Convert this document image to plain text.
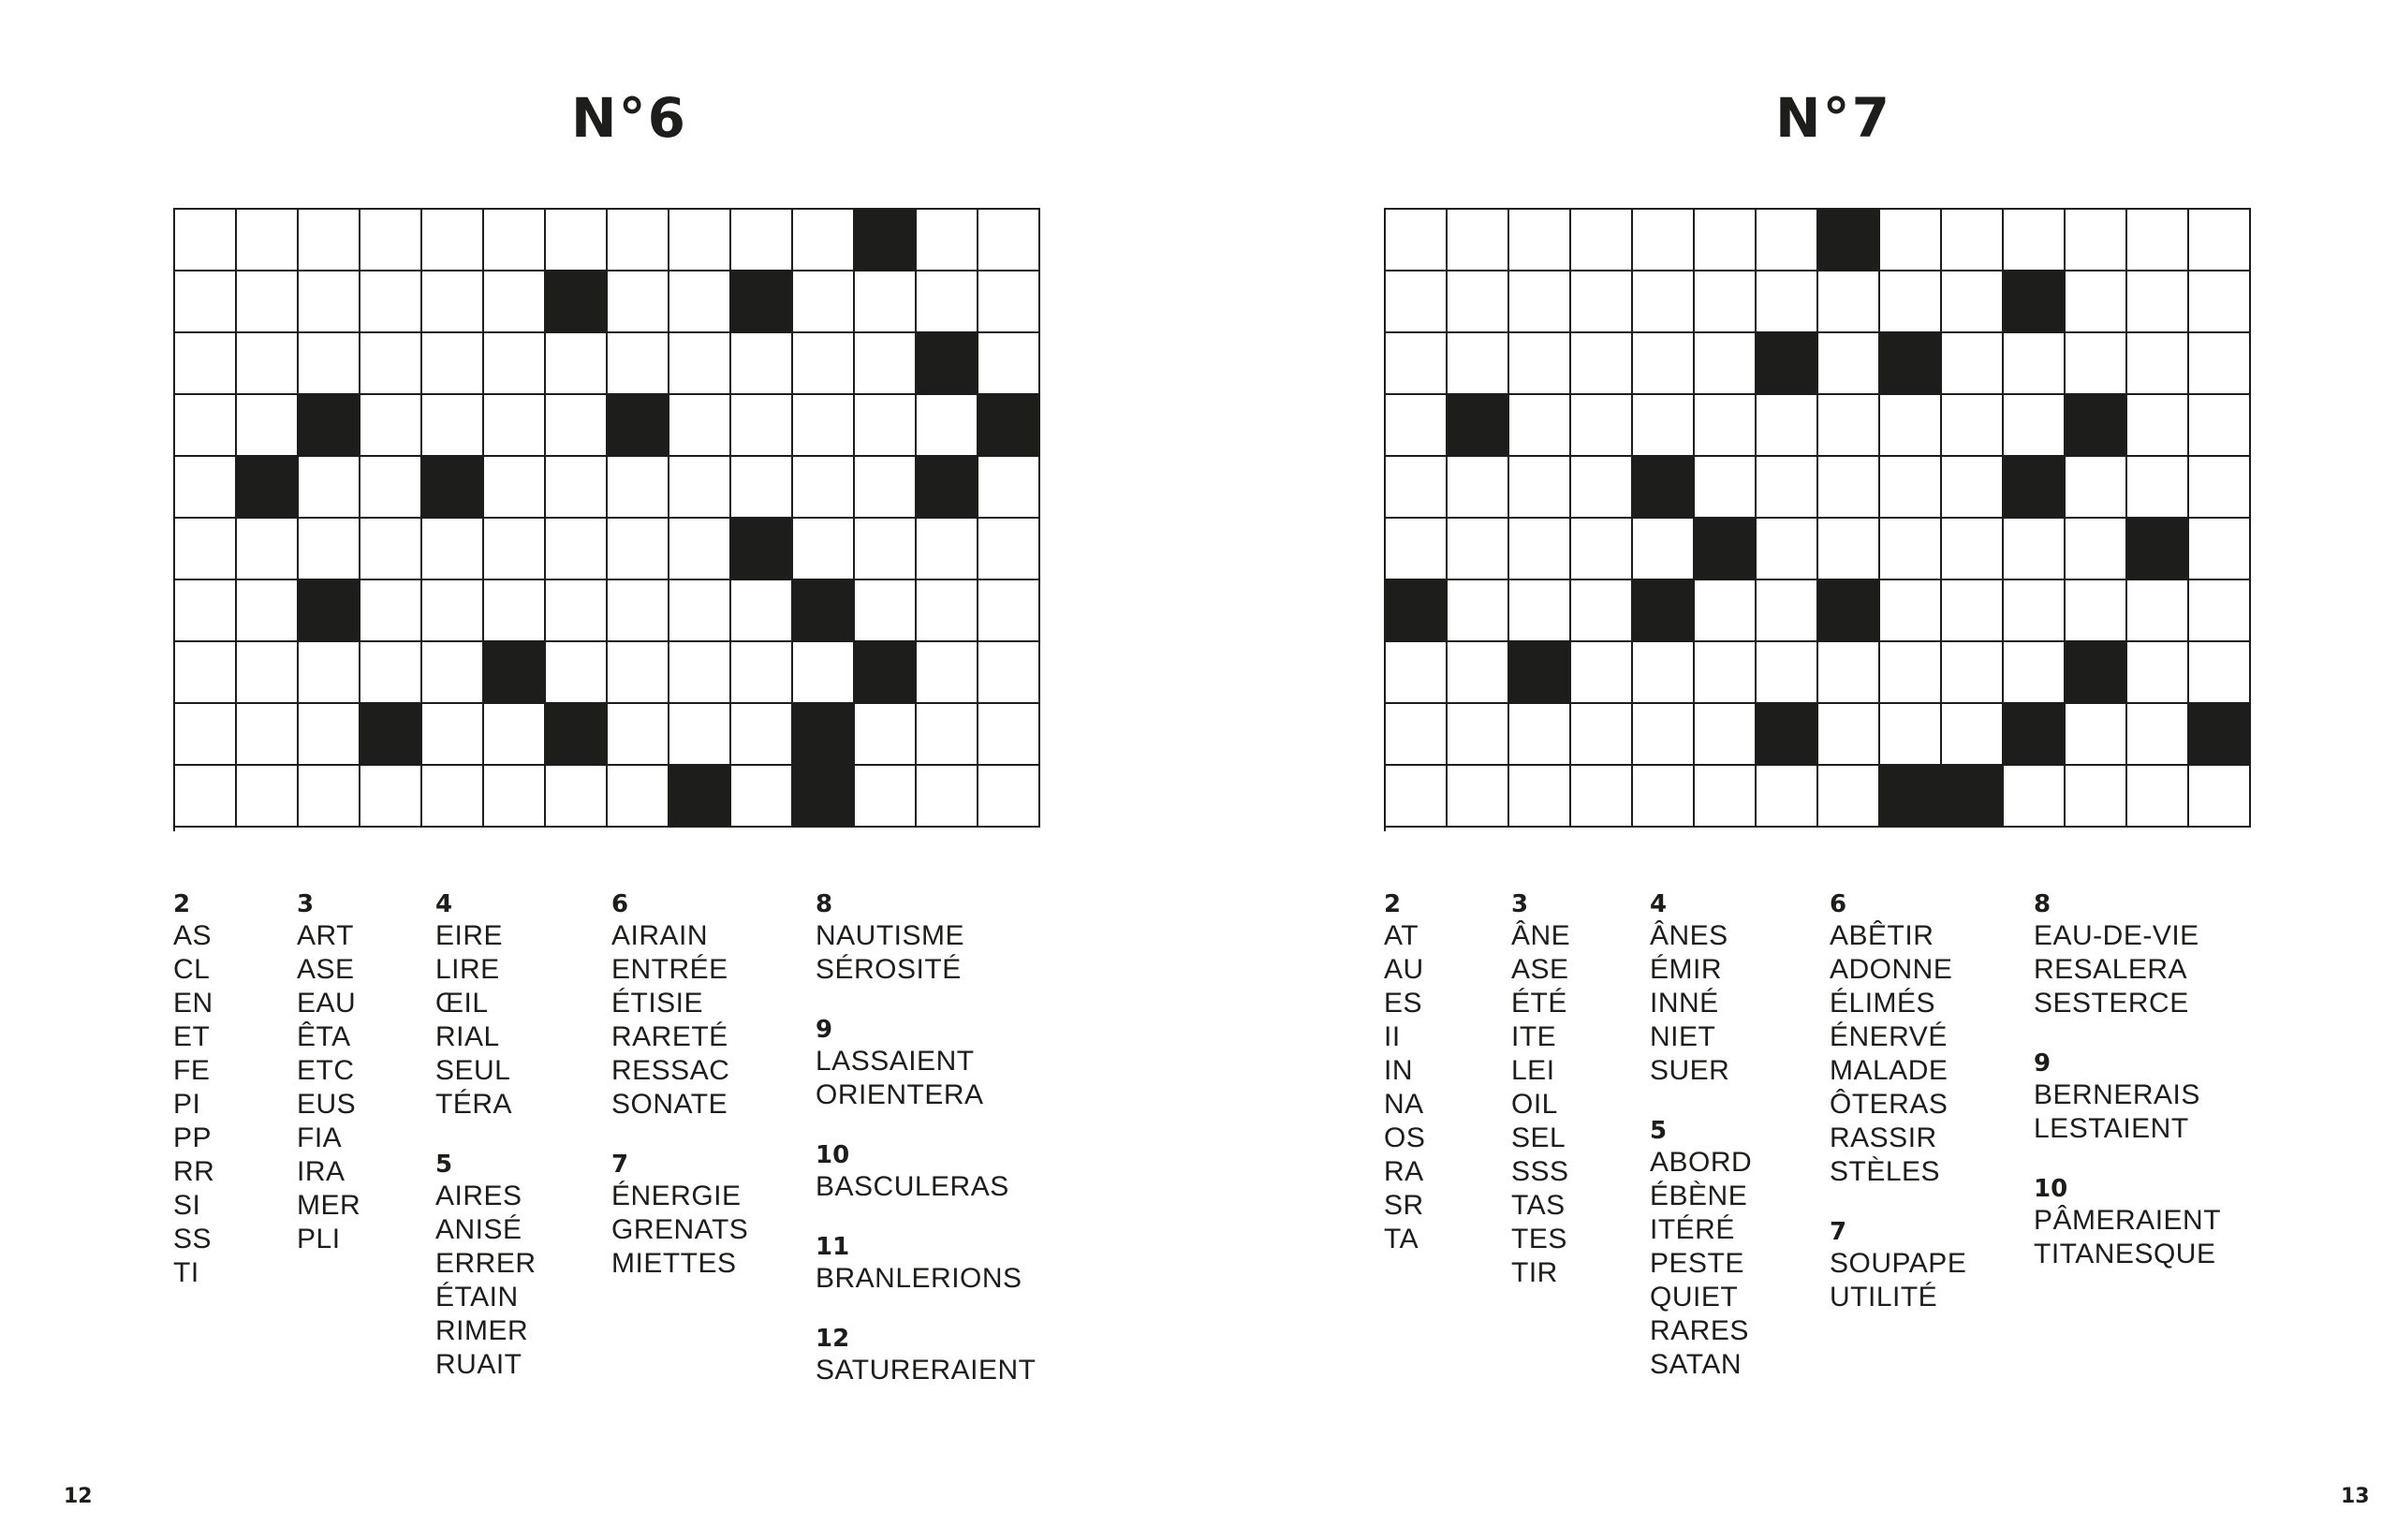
N°6
2
AS
CL
EN
ET
FE
PI
PP
RR
SI
SS
TI
3
ART
ASE
EAU
ÊTA
ETC
EUS
FIA
IRA
MER
PLI
4
EIRE
LIRE
ŒIL
RIAL
SEUL
TÉRA
5
AIRES
ANISÉ
ERRER
ÉTAIN
RIMER
RUAIT
6
AIRAIN
ENTRÉE
ÉTISIE
RARETÉ
RESSAC
SONATE
7
ÉNERGIE
GRENATS
MIETTES
8
NAUTISME
SÉROSITÉ
9
LASSAIENT
ORIENTERA
10
BASCULERAS
11
BRANLERIONS
12
SATURERAIENT
12
N°7
2
AT
AU
ES
II
IN
NA
OS
RA
SR
TA
3
ÂNE
ASE
ÉTÉ
ITE
LEI
OIL
SEL
SSS
TAS
TES
TIR
4
ÂNES
ÉMIR
INNÉ
NIET
SUER
5
ABORD
ÉBÈNE
ITÉRÉ
PESTE
QUIET
RARES
SATAN
6
ABÊTIR
ADONNE
ÉLIMÉS
ÉNERVÉ
MALADE
ÔTERAS
RASSIR
STÈLES
7
SOUPAPE
UTILITÉ
8
EAU-DE-VIE
RESALERA
SESTERCE
9
BERNERAIS
LESTAIENT
10
PÂMERAIENT
TITANESQUE
13
